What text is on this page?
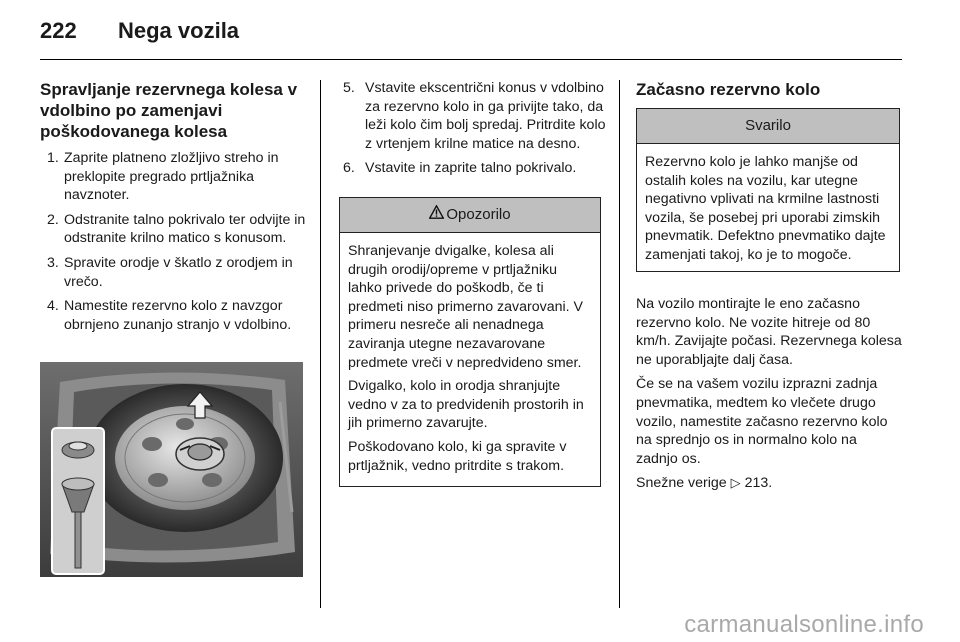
222 Nega vozila
Spravljanje rezervnega kolesa v vdolbino po zamenjavi poškodovanega kolesa
1. Zaprite platneno zložljivo streho in preklopite pregrado prtljažnika navznoter.
2. Odstranite talno pokrivalo ter odvijte in odstranite krilno matico s konusom.
3. Spravite orodje v škatlo z orodjem in vrečo.
4. Namestite rezervno kolo z navzgor obrnjeno zunanjo stranjo v vdolbino.
5. Vstavite ekscentrični konus v vdolbino za rezervno kolo in ga privijte tako, da leži kolo čim bolj spredaj. Pritrdite kolo z vrtenjem krilne matice na desno.
6. Vstavite in zaprite talno pokrivalo.
Opozorilo

Shranjevanje dvigalke, kolesa ali drugih orodij/opreme v prtljažniku lahko privede do poškodb, če ti predmeti niso primerno zavarovani. V primeru nesreče ali nenadnega zaviranja utegne nezavarovane predmete vreči v nepredvideno smer.

Dvigalko, kolo in orodja shranjujte vedno v za to predvidenih prostorih in jih primerno zavarujte.

Poškodovano kolo, ki ga spravite v prtljažnik, vedno pritrdite s trakom.

Začasno rezervno kolo
Svarilo

Rezervno kolo je lahko manjše od ostalih koles na vozilu, kar utegne negativno vplivati na krmilne lastnosti vozila, še posebej pri uporabi zimskih pnevmatik. Defektno pnevmatiko dajte zamenjati takoj, ko je to mogoče.

Na vozilo montirajte le eno začasno rezervno kolo. Ne vozite hitreje od 80 km/h. Zavijajte počasi. Rezervnega kolesa ne uporabljajte dalj časa.

Če se na vašem vozilu izprazni zadnja pnevmatika, medtem ko vlečete drugo vozilo, namestite začasno rezervno kolo na sprednjo os in normalno kolo na zadnjo os.

Snežne verige ▷ 213.

carmanualsonline.info
